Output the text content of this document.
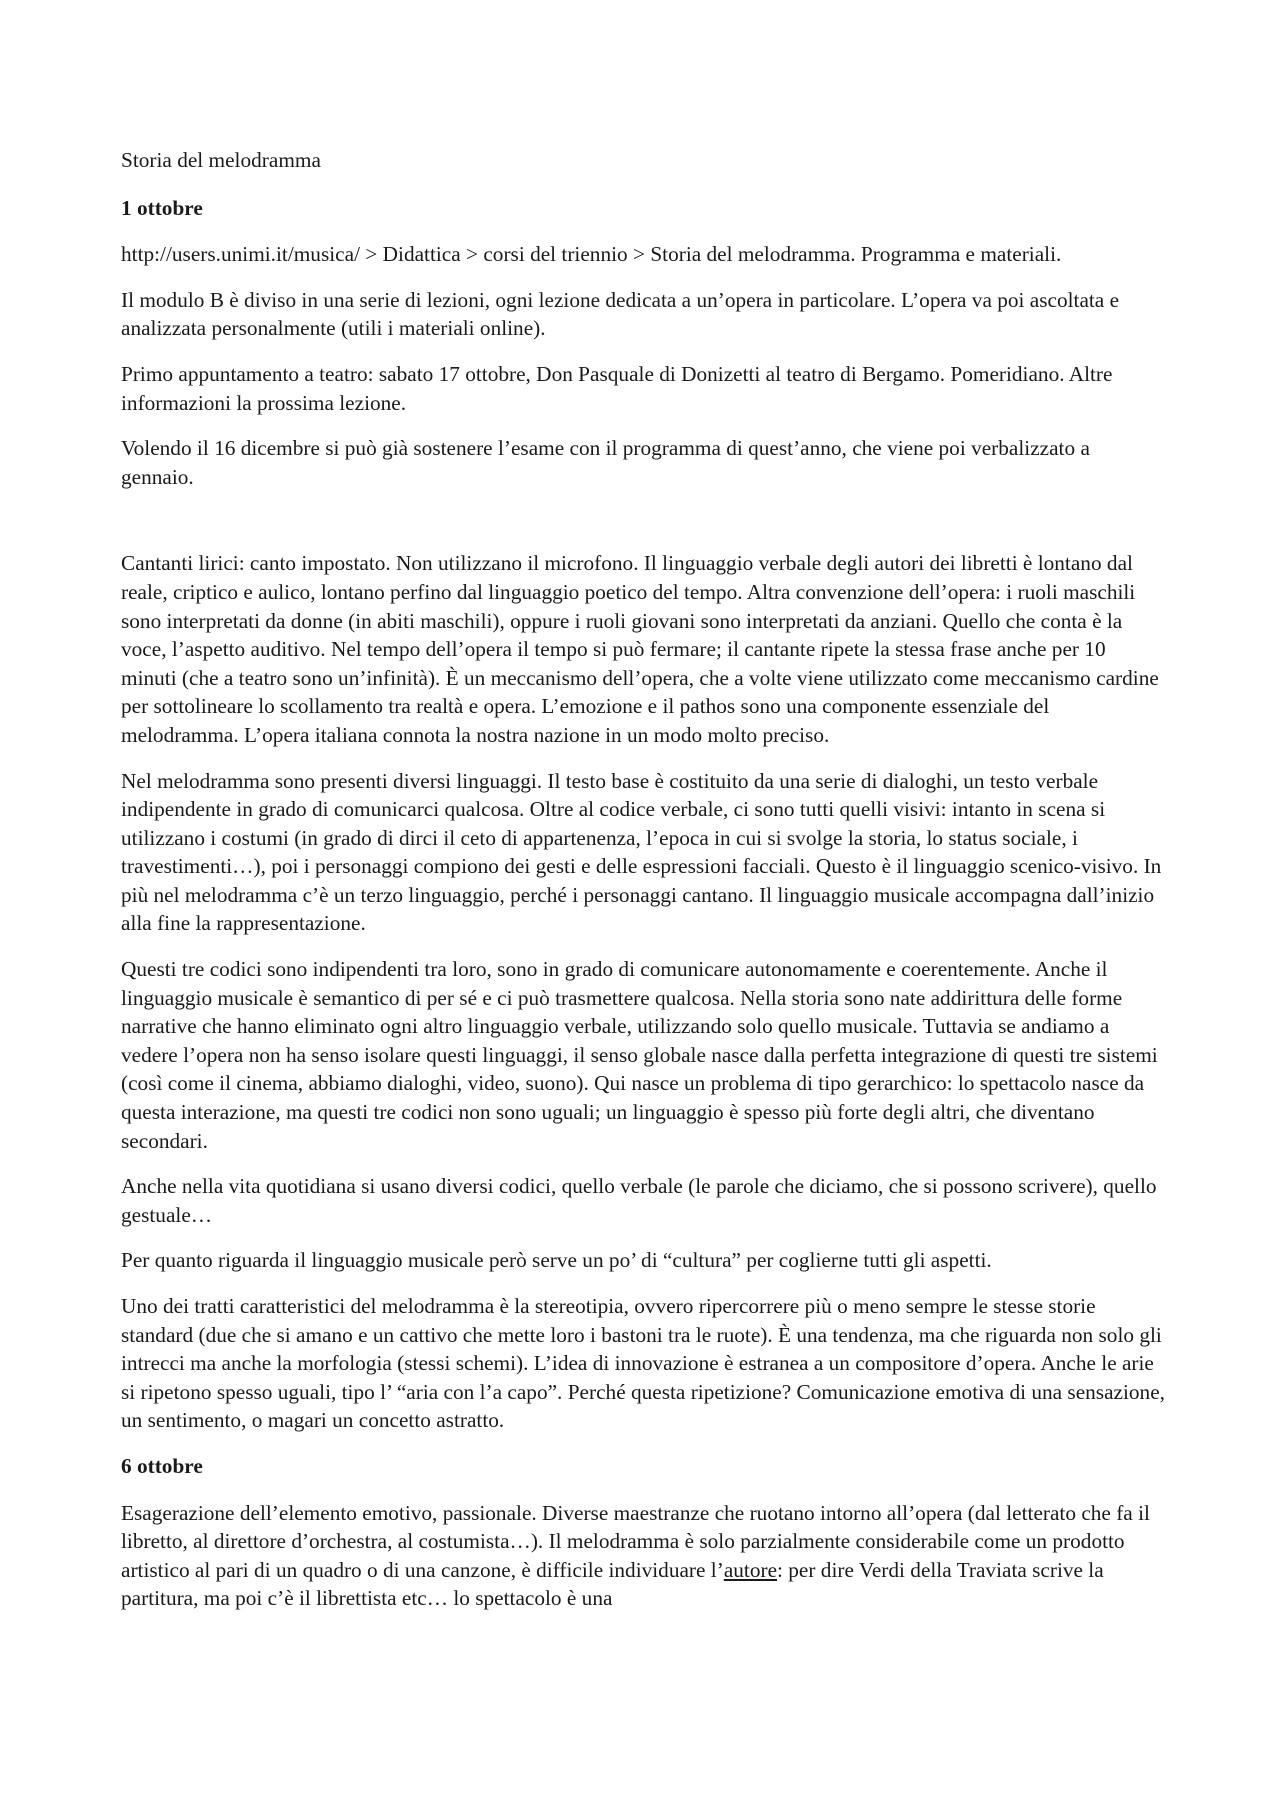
Storia del melodramma

1 ottobre

http://users.unimi.it/musica/ > Didattica > corsi del triennio > Storia del melodramma. Programma e materiali.

Il modulo B è diviso in una serie di lezioni, ogni lezione dedicata a un’opera in particolare. L’opera va poi ascoltata e analizzata personalmente (utili i materiali online).

Primo appuntamento a teatro: sabato 17 ottobre, Don Pasquale di Donizetti al teatro di Bergamo. Pomeridiano. Altre informazioni la prossima lezione.

Volendo il 16 dicembre si può già sostenere l’esame con il programma di quest’anno, che viene poi verbalizzato a gennaio.

Cantanti lirici: canto impostato. Non utilizzano il microfono. Il linguaggio verbale degli autori dei libretti è lontano dal reale, criptico e aulico, lontano perfino dal linguaggio poetico del tempo. Altra convenzione dell’opera: i ruoli maschili sono interpretati da donne (in abiti maschili), oppure i ruoli giovani sono interpretati da anziani. Quello che conta è la voce, l’aspetto auditivo. Nel tempo dell’opera il tempo si può fermare; il cantante ripete la stessa frase anche per 10 minuti (che a teatro sono un’infinità). È un meccanismo dell’opera, che a volte viene utilizzato come meccanismo cardine per sottolineare lo scollamento tra realtà e opera. L’emozione e il pathos sono una componente essenziale del melodramma. L’opera italiana connota la nostra nazione in un modo molto preciso.

Nel melodramma sono presenti diversi linguaggi. Il testo base è costituito da una serie di dialoghi, un testo verbale indipendente in grado di comunicarci qualcosa. Oltre al codice verbale, ci sono tutti quelli visivi: intanto in scena si utilizzano i costumi (in grado di dirci il ceto di appartenenza, l’epoca in cui si svolge la storia, lo status sociale, i travestimenti…), poi i personaggi compiono dei gesti e delle espressioni facciali. Questo è il linguaggio scenico-visivo. In più nel melodramma c’è un terzo linguaggio, perché i personaggi cantano. Il linguaggio musicale accompagna dall’inizio alla fine la rappresentazione.

Questi tre codici sono indipendenti tra loro, sono in grado di comunicare autonomamente e coerentemente. Anche il linguaggio musicale è semantico di per sé e ci può trasmettere qualcosa. Nella storia sono nate addirittura delle forme narrative che hanno eliminato ogni altro linguaggio verbale, utilizzando solo quello musicale. Tuttavia se andiamo a vedere l’opera non ha senso isolare questi linguaggi, il senso globale nasce dalla perfetta integrazione di questi tre sistemi (così come il cinema, abbiamo dialoghi, video, suono). Qui nasce un problema di tipo gerarchico: lo spettacolo nasce da questa interazione, ma questi tre codici non sono uguali; un linguaggio è spesso più forte degli altri, che diventano secondari.

Anche nella vita quotidiana si usano diversi codici, quello verbale (le parole che diciamo, che si possono scrivere), quello gestuale…

Per quanto riguarda il linguaggio musicale però serve un po’ di “cultura” per coglierne tutti gli aspetti.

Uno dei tratti caratteristici del melodramma è la stereotipia, ovvero ripercorrere più o meno sempre le stesse storie standard (due che si amano e un cattivo che mette loro i bastoni tra le ruote). È una tendenza, ma che riguarda non solo gli intrecci ma anche la morfologia (stessi schemi). L’idea di innovazione è estranea a un compositore d’opera. Anche le arie si ripetono spesso uguali, tipo l’ “aria con l’a capo”. Perché questa ripetizione? Comunicazione emotiva di una sensazione, un sentimento, o magari un concetto astratto.

6 ottobre

Esagerazione dell’elemento emotivo, passionale. Diverse maestranze che ruotano intorno all’opera (dal letterato che fa il libretto, al direttore d’orchestra, al costumista…). Il melodramma è solo parzialmente considerabile come un prodotto artistico al pari di un quadro o di una canzone, è difficile individuare l’autore: per dire Verdi della Traviata scrive la partitura, ma poi c’è il librettista etc… lo spettacolo è una
